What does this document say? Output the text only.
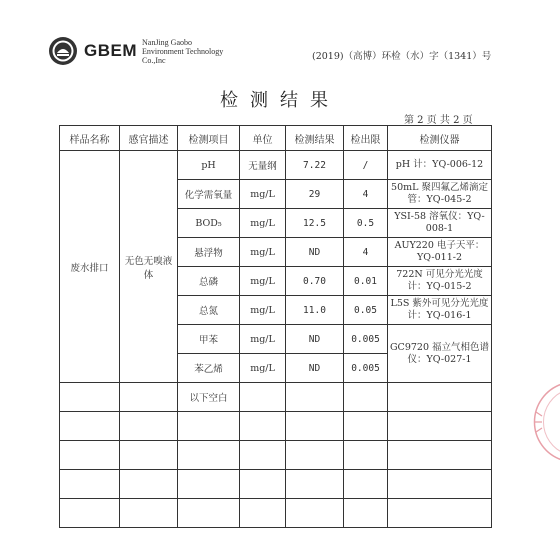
GBEM NanJing Gaobo
Environment Technology
Co.,Inc	(2019)（高博）环检（水）字（1341）号
检测结果
第 2 页 共 2 页
样品名称	感官描述	检测项目	单位	检测结果	检出限	检测仪器
废水排口	无色无嗅液体	pH	无量纲	7.22	/	pH 计：YQ-006-12
		化学需氧量	mg/L	29	4	50mL 聚四氟乙烯滴定管：YQ-045-2
		BOD₅	mg/L	12.5	0.5	YSI-58 溶氧仪：YQ-008-1
		悬浮物	mg/L	ND	4	AUY220 电子天平：YQ-011-2
		总磷	mg/L	0.70	0.01	722N 可见分光光度计：YQ-015-2
		总氮	mg/L	11.0	0.05	L5S 紫外可见分光光度计：YQ-016-1
		甲苯	mg/L	ND	0.005	GC9720 福立气相色谱仪：YQ-027-1
		苯乙烯	mg/L	ND	0.005	
		以下空白				
